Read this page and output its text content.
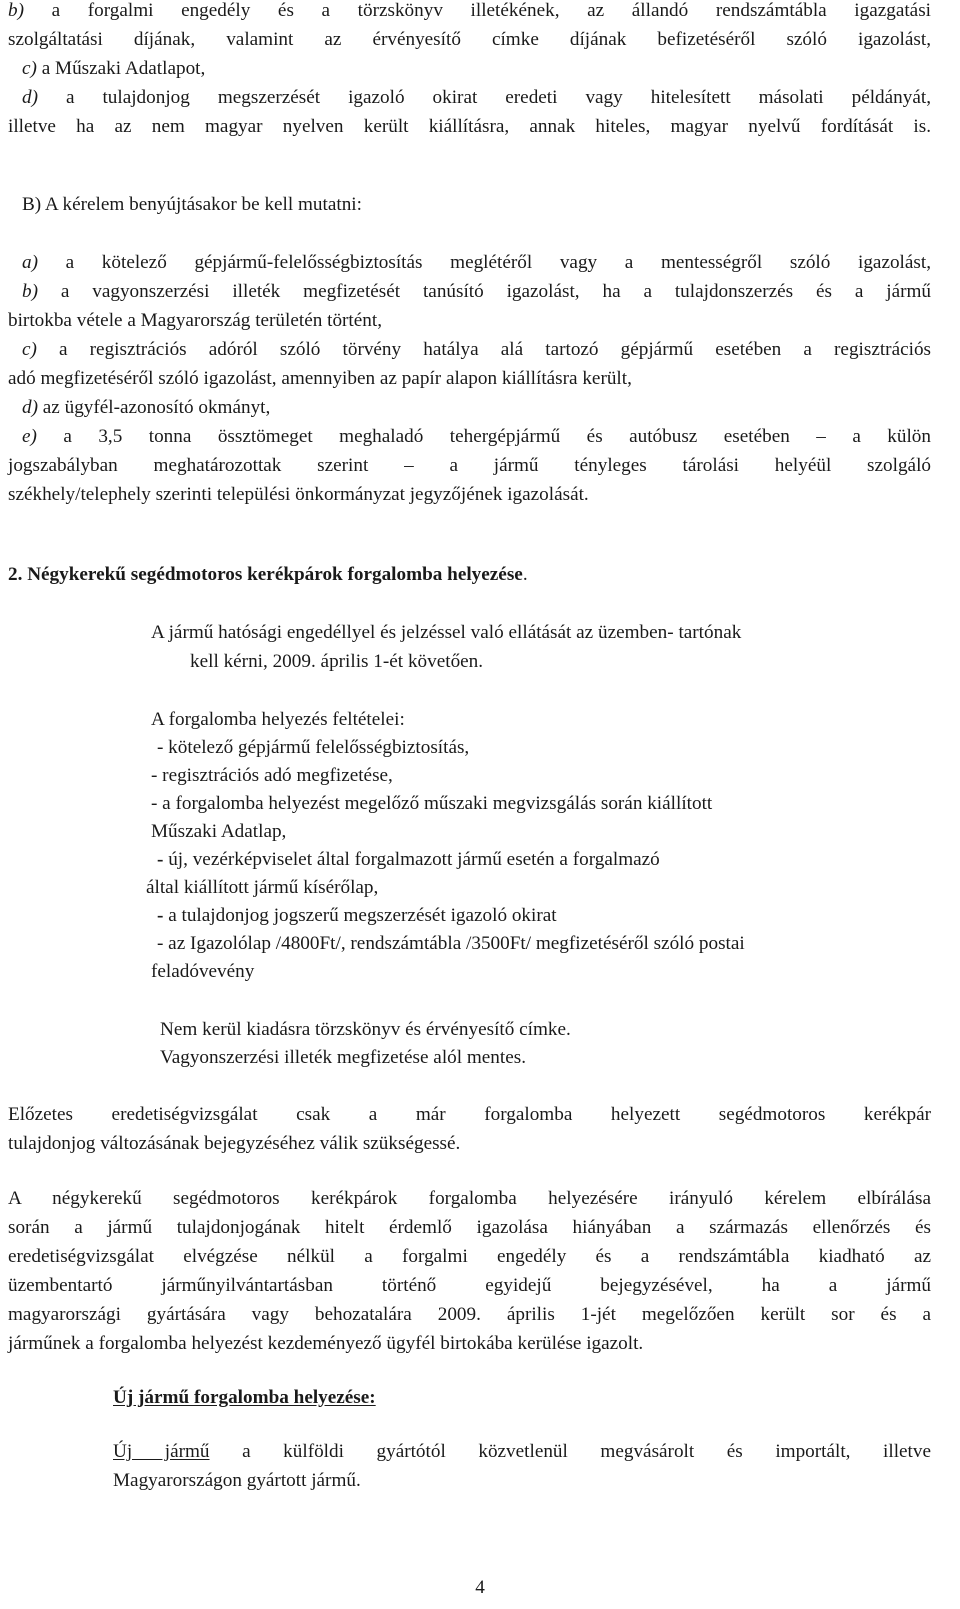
b) a forgalmi engedély és a törzskönyv illetékének, az állandó rendszámtábla igazgatási
szolgáltatási díjának, valamint az érvényesítő címke díjának befizetéséről szóló igazolást,
c) a Műszaki Adatlapot,
d) a tulajdonjog megszerzését igazoló okirat eredeti vagy hitelesített másolati példányát,
illetve ha az nem magyar nyelven került kiállításra, annak hiteles, magyar nyelvű fordítását is.
B) A kérelem benyújtásakor be kell mutatni:
a) a kötelező gépjármű-felelősségbiztosítás meglétéről vagy a mentességről szóló igazolást,
b) a vagyonszerzési illeték megfizetését tanúsító igazolást, ha a tulajdonszerzés és a jármű
birtokba vétele a Magyarország területén történt,
c) a regisztrációs adóról szóló törvény hatálya alá tartozó gépjármű esetében a regisztrációs
adó megfizetéséről szóló igazolást, amennyiben az papír alapon kiállításra került,
d) az ügyfél-azonosító okmányt,
e) a 3,5 tonna össztömeget meghaladó tehergépjármű és autóbusz esetében – a külön
jogszabályban meghatározottak szerint – a jármű tényleges tárolási helyéül szolgáló
székhely/telephely szerinti települési önkormányzat jegyzőjének igazolását.
2. Négykerekű segédmotoros kerékpárok forgalomba helyezése.
A jármű hatósági engedéllyel és jelzéssel való ellátását az üzemben- tartónak
kell kérni, 2009. április 1-ét követően.
A forgalomba helyezés feltételei:
- kötelező gépjármű felelősségbiztosítás,
- regisztrációs adó megfizetése,
- a forgalomba helyezést megelőző műszaki megvizsgálás során kiállított
Műszaki Adatlap,
- új, vezérképviselet által forgalmazott jármű esetén a forgalmazó
által kiállított jármű kísérőlap,
- a tulajdonjog jogszerű megszerzését igazoló okirat
- az Igazolólap /4800Ft/, rendszámtábla /3500Ft/ megfizetéséről szóló postai
feladóvevény
Nem kerül kiadásra törzskönyv és érvényesítő címke.
Vagyonszerzési illeték megfizetése alól mentes.
Előzetes eredetiségvizsgálat csak a már forgalomba helyezett segédmotoros kerékpár
tulajdonjog változásának bejegyzéséhez válik szükségessé.
A négykerekű segédmotoros kerékpárok forgalomba helyezésére irányuló kérelem elbírálása
során a jármű tulajdonjogának hitelt érdemlő igazolása hiányában a származás ellenőrzés és
eredetiségvizsgálat elvégzése nélkül a forgalmi engedély és a rendszámtábla kiadható az
üzembentartó járműnyilvántartásban történő egyidejű bejegyzésével, ha a jármű
magyarországi gyártására vagy behozatalára 2009. április 1-jét megelőzően került sor és a
járműnek a forgalomba helyezést kezdeményező ügyfél birtokába kerülése igazolt.
Új jármű forgalomba helyezése:
Új jármű a külföldi gyártótól közvetlenül megvásárolt és importált, illetve
Magyarországon gyártott jármű.
4
